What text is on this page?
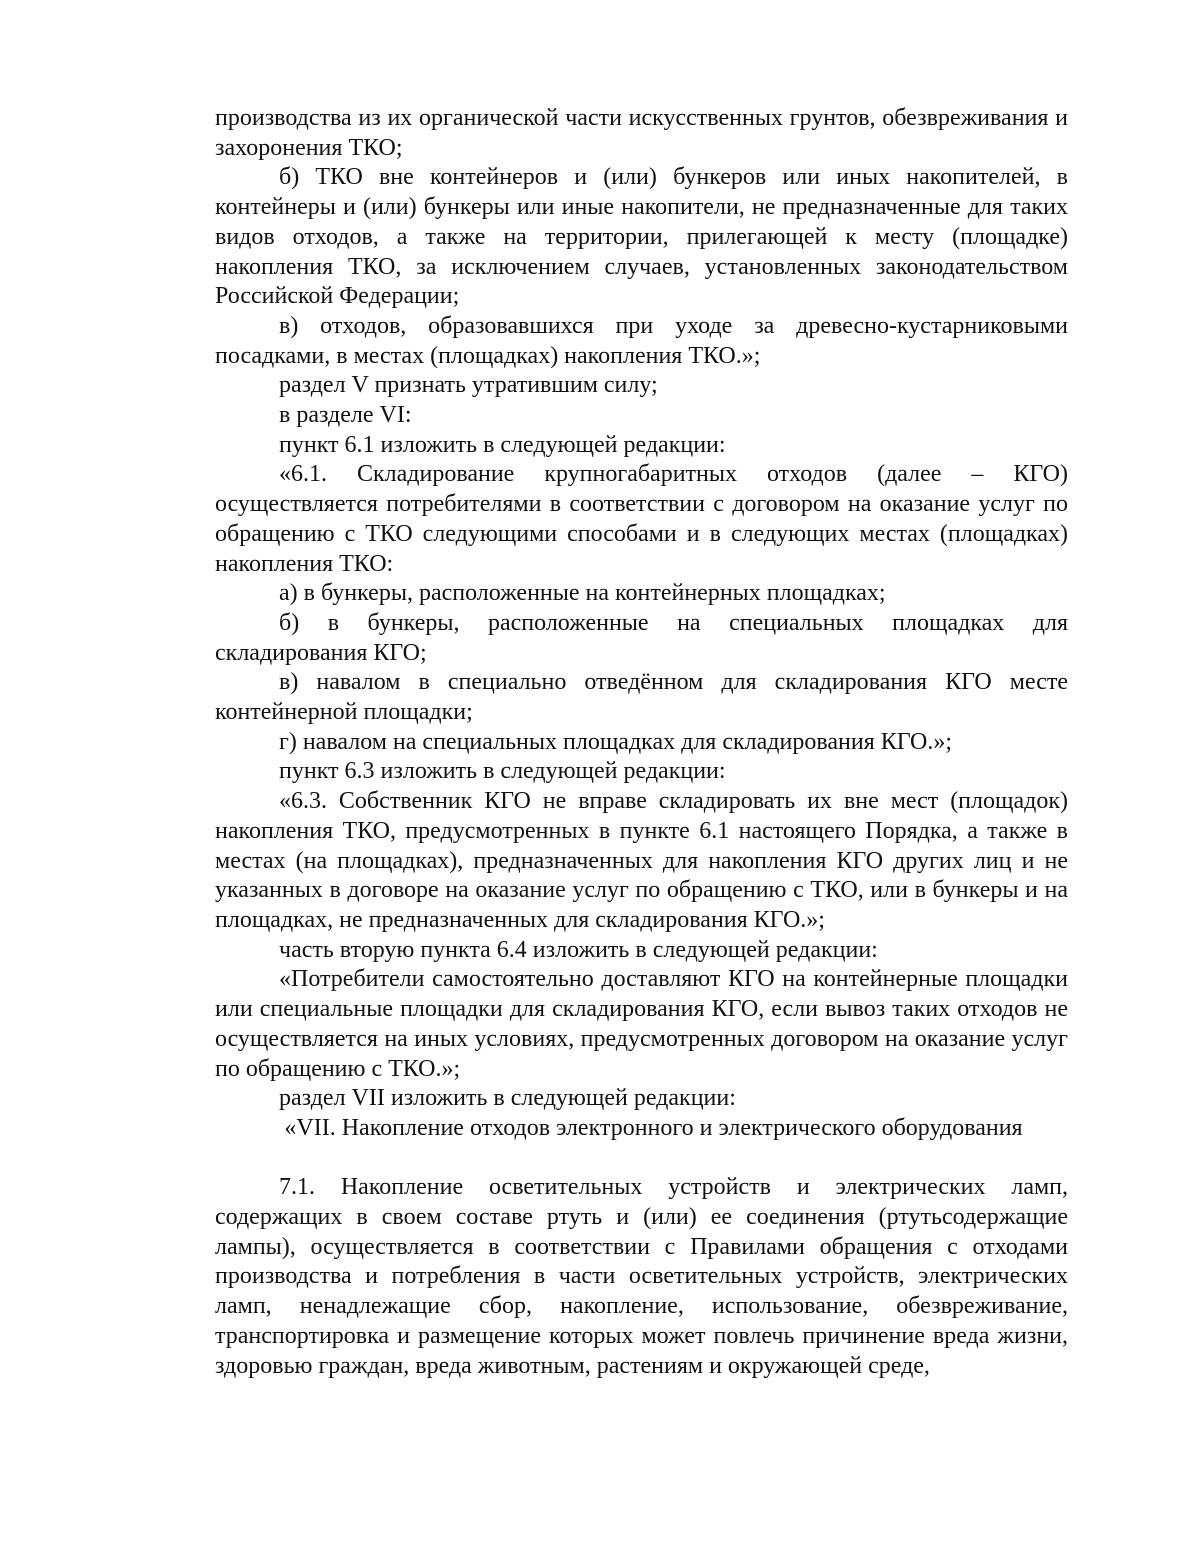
производства из их органической части искусственных грунтов, обезвреживания и захоронения ТКО;

б) ТКО вне контейнеров и (или) бункеров или иных накопителей, в контейнеры и (или) бункеры или иные накопители, не предназначенные для таких видов отходов, а также на территории, прилегающей к месту (площадке) накопления ТКО, за исключением случаев, установленных законодательством Российской Федерации;

в) отходов, образовавшихся при уходе за древесно-кустарниковыми посадками, в местах (площадках) накопления ТКО.»;

раздел V признать утратившим силу;

в разделе VI:

пункт 6.1 изложить в следующей редакции:

«6.1. Складирование крупногабаритных отходов (далее – КГО) осуществляется потребителями в соответствии с договором на оказание услуг по обращению с ТКО следующими способами и в следующих местах (площадках) накопления ТКО:

а) в бункеры, расположенные на контейнерных площадках;

б) в бункеры, расположенные на специальных площадках для складирования КГО;

в) навалом в специально отведённом для складирования КГО месте контейнерной площадки;

г) навалом на специальных площадках для складирования КГО.»;

пункт 6.3 изложить в следующей редакции:

«6.3. Собственник КГО не вправе складировать их вне мест (площадок) накопления ТКО, предусмотренных в пункте 6.1 настоящего Порядка, а также в местах (на площадках), предназначенных для накопления КГО других лиц и не указанных в договоре на оказание услуг по обращению с ТКО, или в бункеры и на площадках, не предназначенных для складирования КГО.»;

часть вторую пункта 6.4 изложить в следующей редакции:

«Потребители самостоятельно доставляют КГО на контейнерные площадки или специальные площадки для складирования КГО, если вывоз таких отходов не осуществляется на иных условиях, предусмотренных договором на оказание услуг по обращению с ТКО.»;

раздел VII изложить в следующей редакции:

«VII. Накопление отходов электронного и электрического оборудования

7.1. Накопление осветительных устройств и электрических ламп, содержащих в своем составе ртуть и (или) ее соединения (ртутьсодержащие лампы), осуществляется в соответствии с Правилами обращения с отходами производства и потребления в части осветительных устройств, электрических ламп, ненадлежащие сбор, накопление, использование, обезвреживание, транспортировка и размещение которых может повлечь причинение вреда жизни, здоровью граждан, вреда животным, растениям и окружающей среде,
